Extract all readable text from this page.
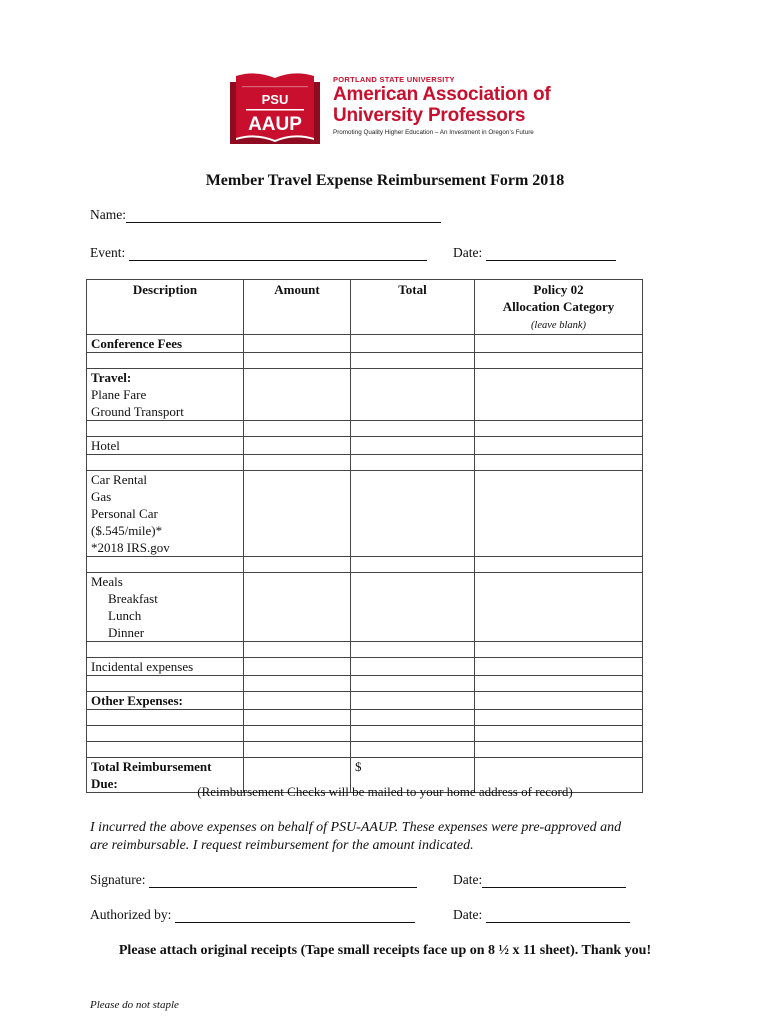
PSU
AAUP
PORTLAND STATE UNIVERSITY
American Association of
University Professors
Promoting Quality Higher Education – An Investment in Oregon’s Future
Member Travel Expense Reimbursement Form 2018
Name:
Event:	Date:
Description	Amount	Total	Policy 02
Allocation Category
(leave blank)
Conference Fees			

Travel:
Plane Fare
Ground Transport			

Hotel			

Car Rental
Gas
Personal Car
($.545/mile)*
*2018 IRS.gov			

Meals
Breakfast
Lunch
Dinner			

Incidental expenses			

Other Expenses:			

Total Reimbursement
Due:		$	
(Reimbursement Checks will be mailed to your home address of record)
I incurred the above expenses on behalf of PSU-AAUP. These expenses were pre-approved and
are reimbursable. I request reimbursement for the amount indicated.
Signature:	Date:
Authorized by:	Date:
Please attach original receipts (Tape small receipts face up on 8 ½ x 11 sheet). Thank you!
Please do not staple
